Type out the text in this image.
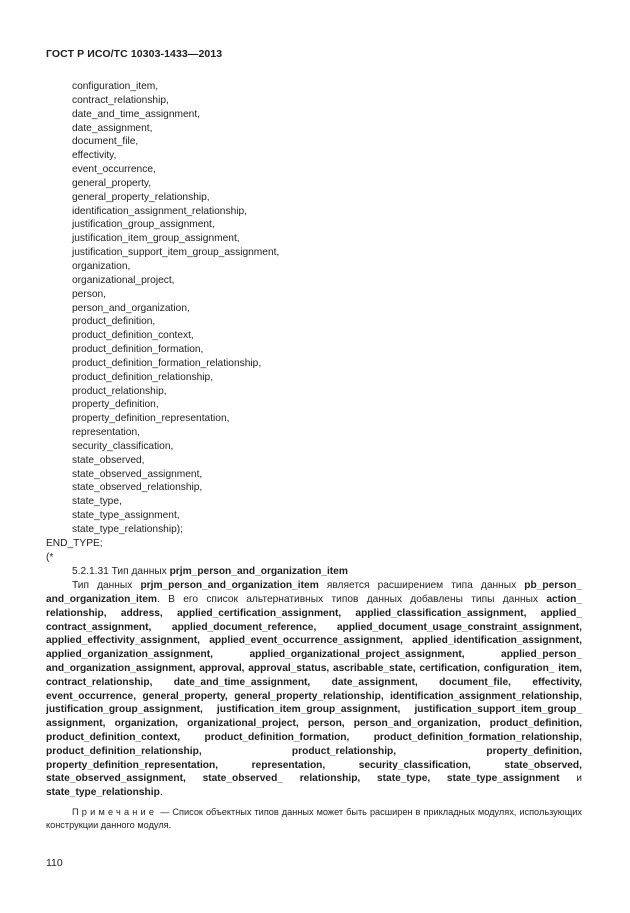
ГОСТ Р ИСО/ТС 10303-1433—2013
configuration_item,
contract_relationship,
date_and_time_assignment,
date_assignment,
document_file,
effectivity,
event_occurrence,
general_property,
general_property_relationship,
identification_assignment_relationship,
justification_group_assignment,
justification_item_group_assignment,
justification_support_item_group_assignment,
organization,
organizational_project,
person,
person_and_organization,
product_definition,
product_definition_context,
product_definition_formation,
product_definition_formation_relationship,
product_definition_relationship,
product_relationship,
property_definition,
property_definition_representation,
representation,
security_classification,
state_observed,
state_observed_assignment,
state_observed_relationship,
state_type,
state_type_assignment,
state_type_relationship);
END_TYPE;
(*
5.2.1.31 Тип данных prjm_person_and_organization_item
Тип данных prjm_person_and_organization_item является расширением типа данных pb_person_ and_organization_item. В его список альтернативных типов данных добавлены типы данных action_ relationship, address, applied_certification_assignment, applied_classification_assignment, applied_ contract_assignment, applied_document_reference, applied_document_usage_constraint_assignment, applied_effectivity_assignment, applied_event_occurrence_assignment, applied_identification_assignment, applied_organization_assignment, applied_organizational_project_assignment, applied_person_ and_organization_assignment, approval, approval_status, ascribable_state, certification, configuration_ item, contract_relationship, date_and_time_assignment, date_assignment, document_file, effectivity, event_occurrence, general_property, general_property_relationship, identification_assignment_relationship, justification_group_assignment, justification_item_group_assignment, justification_support_item_group_ assignment, organization, organizational_project, person, person_and_organization, product_definition, product_definition_context, product_definition_formation, product_definition_formation_relationship, product_definition_relationship, product_relationship, property_definition, property_definition_representation, representation, security_classification, state_observed, state_observed_assignment, state_observed_ relationship, state_type, state_type_assignment и state_type_relationship.
Примечание — Список объектных типов данных может быть расширен в прикладных модулях, использующих конструкции данного модуля.
110
